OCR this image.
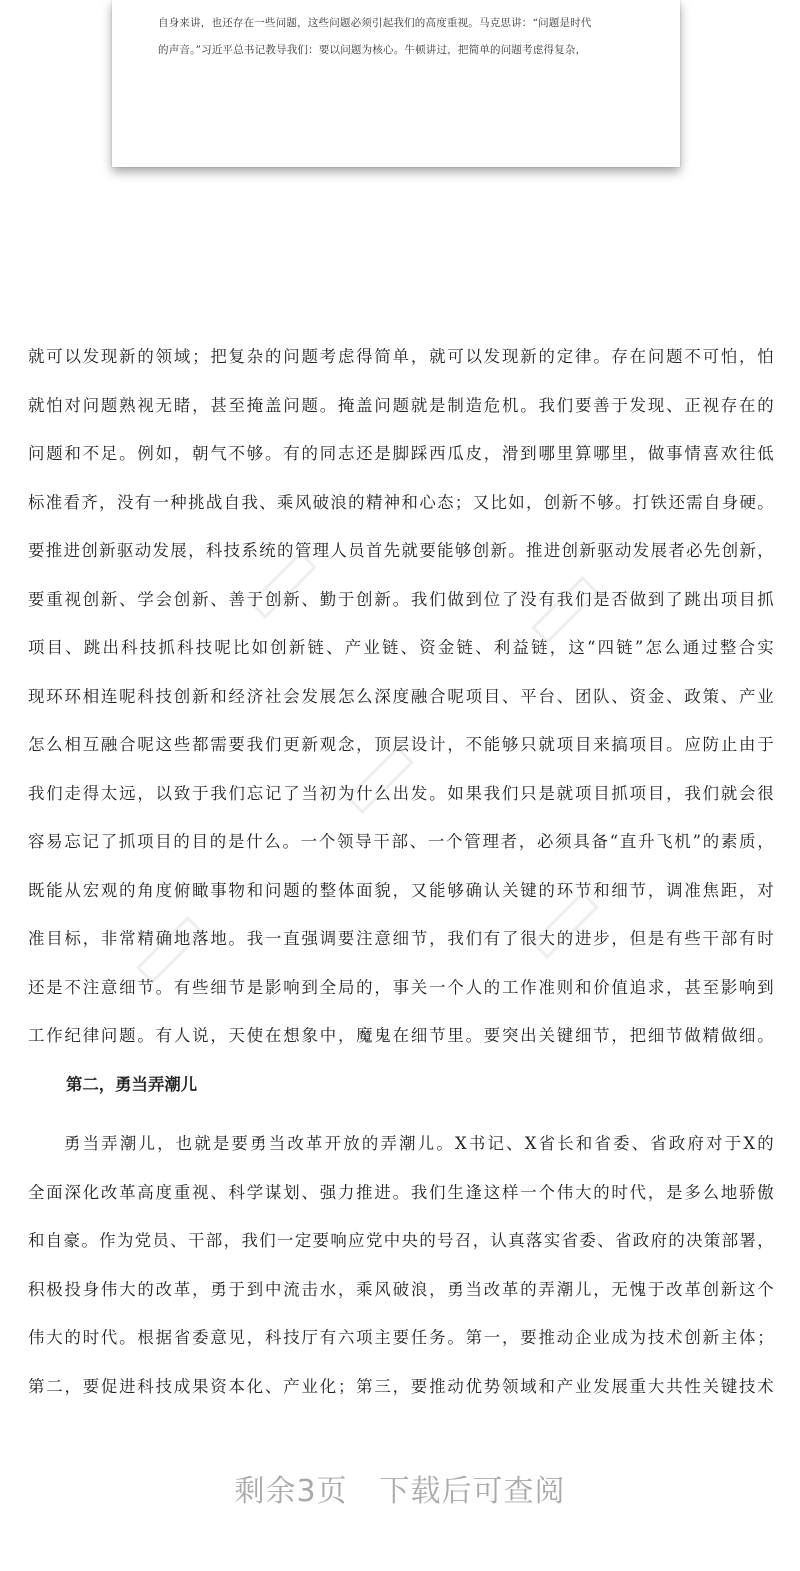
自身来讲，也还存在一些问题，这些问题必须引起我们的高度重视。马克思讲：“问题是时代
的声音。”习近平总书记教导我们：要以问题为核心。牛顿讲过，把简单的问题考虑得复杂，
就可以发现新的领域；把复杂的问题考虑得简单，就可以发现新的定律。存在问题不可怕，怕
就怕对问题熟视无睹，甚至掩盖问题。掩盖问题就是制造危机。我们要善于发现、正视存在的
问题和不足。例如，朝气不够。有的同志还是脚踩西瓜皮，滑到哪里算哪里，做事情喜欢往低
标准看齐，没有一种挑战自我、乘风破浪的精神和心态；又比如，创新不够。打铁还需自身硬。
要推进创新驱动发展，科技系统的管理人员首先就要能够创新。推进创新驱动发展者必先创新，
要重视创新、学会创新、善于创新、勤于创新。我们做到位了没有我们是否做到了跳出项目抓
项目、跳出科技抓科技呢比如创新链、产业链、资金链、利益链，这“四链”怎么通过整合实
现环环相连呢科技创新和经济社会发展怎么深度融合呢项目、平台、团队、资金、政策、产业
怎么相互融合呢这些都需要我们更新观念，顶层设计，不能够只就项目来搞项目。应防止由于
我们走得太远，以致于我们忘记了当初为什么出发。如果我们只是就项目抓项目，我们就会很
容易忘记了抓项目的目的是什么。一个领导干部、一个管理者，必须具备“直升飞机”的素质，
既能从宏观的角度俯瞰事物和问题的整体面貌，又能够确认关键的环节和细节，调准焦距，对
准目标，非常精确地落地。我一直强调要注意细节，我们有了很大的进步，但是有些干部有时
还是不注意细节。有些细节是影响到全局的，事关一个人的工作准则和价值追求，甚至影响到
工作纪律问题。有人说，天使在想象中，魔鬼在细节里。要突出关键细节，把细节做精做细。
第二，勇当弄潮儿
勇当弄潮儿，也就是要勇当改革开放的弄潮儿。X书记、X省长和省委、省政府对于X的
全面深化改革高度重视、科学谋划、强力推进。我们生逢这样一个伟大的时代，是多么地骄傲
和自豪。作为党员、干部，我们一定要响应党中央的号召，认真落实省委、省政府的决策部署，
积极投身伟大的改革，勇于到中流击水，乘风破浪，勇当改革的弄潮儿，无愧于改革创新这个
伟大的时代。根据省委意见，科技厅有六项主要任务。第一，要推动企业成为技术创新主体；
第二，要促进科技成果资本化、产业化；第三，要推动优势领域和产业发展重大共性关键技术
剩余3页 下载后可查阅
